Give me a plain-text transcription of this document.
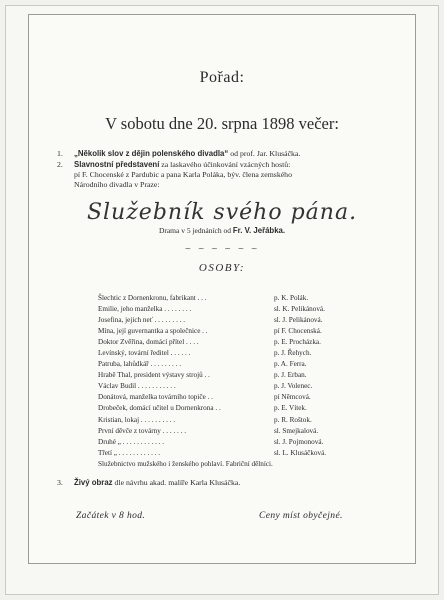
Pořad:
V sobotu dne 20. srpna 1898 večer:
1. „Několik slov z dějin polenského divadla“ od prof. Jar. Klusáčka.
2. Slavnostní představení za laskavého účinkování vzácných hostů:
pí F. Chocenské z Pardubic a pana Karla Poláka, býv. člena zemského
Národního divadla v Praze:
Služebník svého pána.
Drama v 5 jednáních od Fr. V. Jeřábka.
~ ~ ~ ~ ~ ~
OSOBY:
Šlechtic z Dornenkronu, fabrikant . . .	p. K. Polák.
Emilie, jeho manželka . . . . . . . .	sl. K. Pelikánová.
Josefina, jejich neť . . . . . . . . .	sl. J. Pelikánová.
Mína, její guvernantka a společnice . .	pí F. Chocenská.
Doktor Zvěřina, domácí přítel . . . .	p. E. Procházka.
Levínský, tovární ředitel . . . . . .	p. J. Řehych.
Patruba, lahůdkář . . . . . . . . .	p. A. Ferra.
Hrabě Thal, president výstavy strojů . .	p. J. Erban.
Václav Budil . . . . . . . . . . .	p. J. Volenec.
Donátová, manželka továrního topiče . .	pí Němcová.
Drobeček, domácí učitel u Dornenkrona . .	p. E. Vítek.
Kristian, lokaj . . . . . . . . . .	p. R. Roštok.
První děvče z továrny . . . . . . .	sl. Smejkalová.
Druhé „ . . . . . . . . . . . .	sl. J. Pojmonová.
Třetí „ . . . . . . . . . . . .	sl. L. Klusáčková.
Služebnictvo mužského i ženského pohlaví. Fabriční dělníci.
3. Živý obraz dle návrhu akad. malíře Karla Klusáčka.
Začátek v 8 hod.	Ceny míst obyčejné.
